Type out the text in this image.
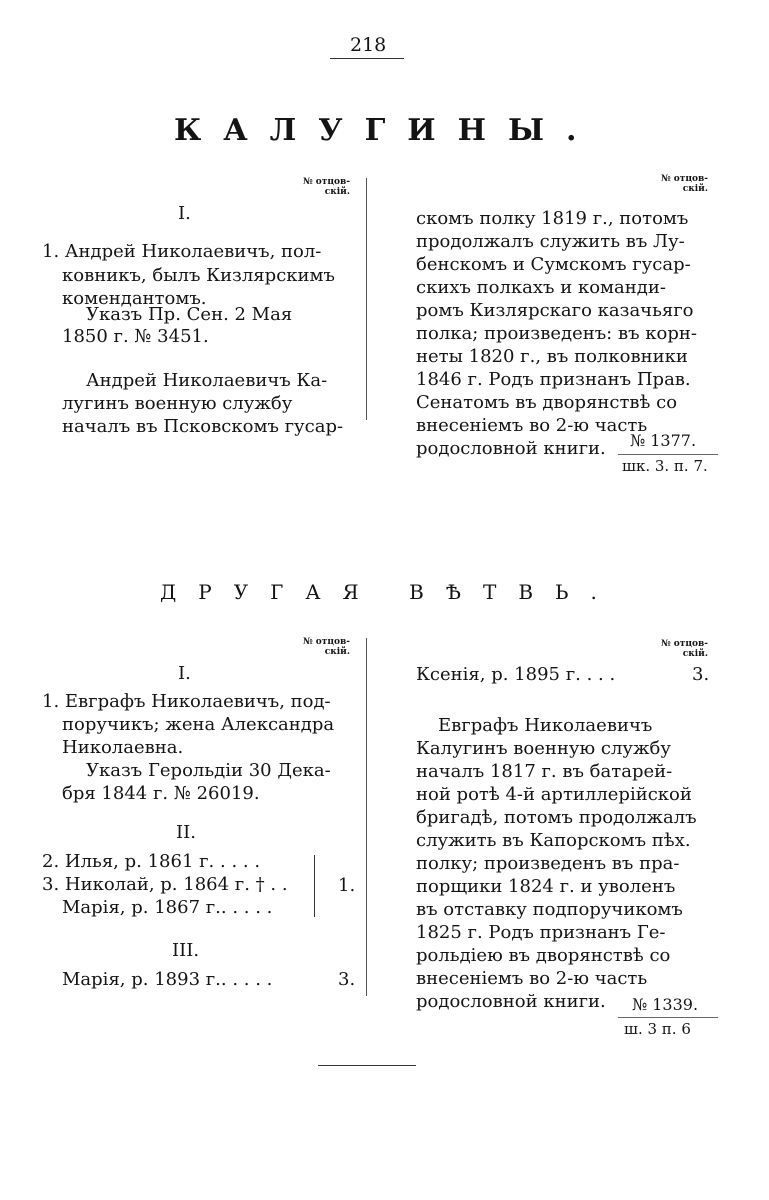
218
КАЛУГИНЫ.
№ отцов-
скій.
№ отцов-
скій.
I.
1. Андрей Николаевичъ, пол-
ковникъ, былъ Кизлярскимъ
комендантомъ.
Указъ Пр. Сен. 2 Мая
1850 г. № 3451.
Андрей Николаевичъ Ка-
лугинъ военную службу
началъ въ Псковскомъ гусар-
скомъ полку 1819 г., потомъ
продолжалъ служить въ Лу-
бенскомъ и Сумскомъ гусар-
скихъ полкахъ и команди-
ромъ Кизлярскаго казачьяго
полка; произведенъ: въ корн-
неты 1820 г., въ полковники
1846 г. Родъ признанъ Прав.
Сенатомъ въ дворянствѣ со
внесеніемъ во 2-ю часть
родословной книги. № 1377.
шк. 3. п. 7.
ДРУГАЯ ВѢТВЬ.
№ отцов-
скій.
№ отцов-
скій.
I.
1. Евграфъ Николаевичъ, под-
поручикъ; жена Александра
Николаевна.
Указъ Герольдіи 30 Дека-
бря 1844 г. № 26019.
II.
2. Илья, р. 1861 г. . . . .
3. Николай, р. 1864 г. † . .
Марія, р. 1867 г.. . . . .
1.
III.
Марія, р. 1893 г.. . . . .	3.
Ксенія, р. 1895 г. . . .	3.
Евграфъ Николаевичъ
Калугинъ военную службу
началъ 1817 г. въ батарей-
ной ротѣ 4-й артиллерійской
бригадѣ, потомъ продолжалъ
служить въ Капорскомъ пѣх.
полку; произведенъ въ пра-
порщики 1824 г. и уволенъ
въ отставку подпоручикомъ
1825 г. Родъ признанъ Ге-
рольдіею въ дворянствѣ со
внесеніемъ во 2-ю часть
родословной книги. № 1339.
ш. 3 п. 6
